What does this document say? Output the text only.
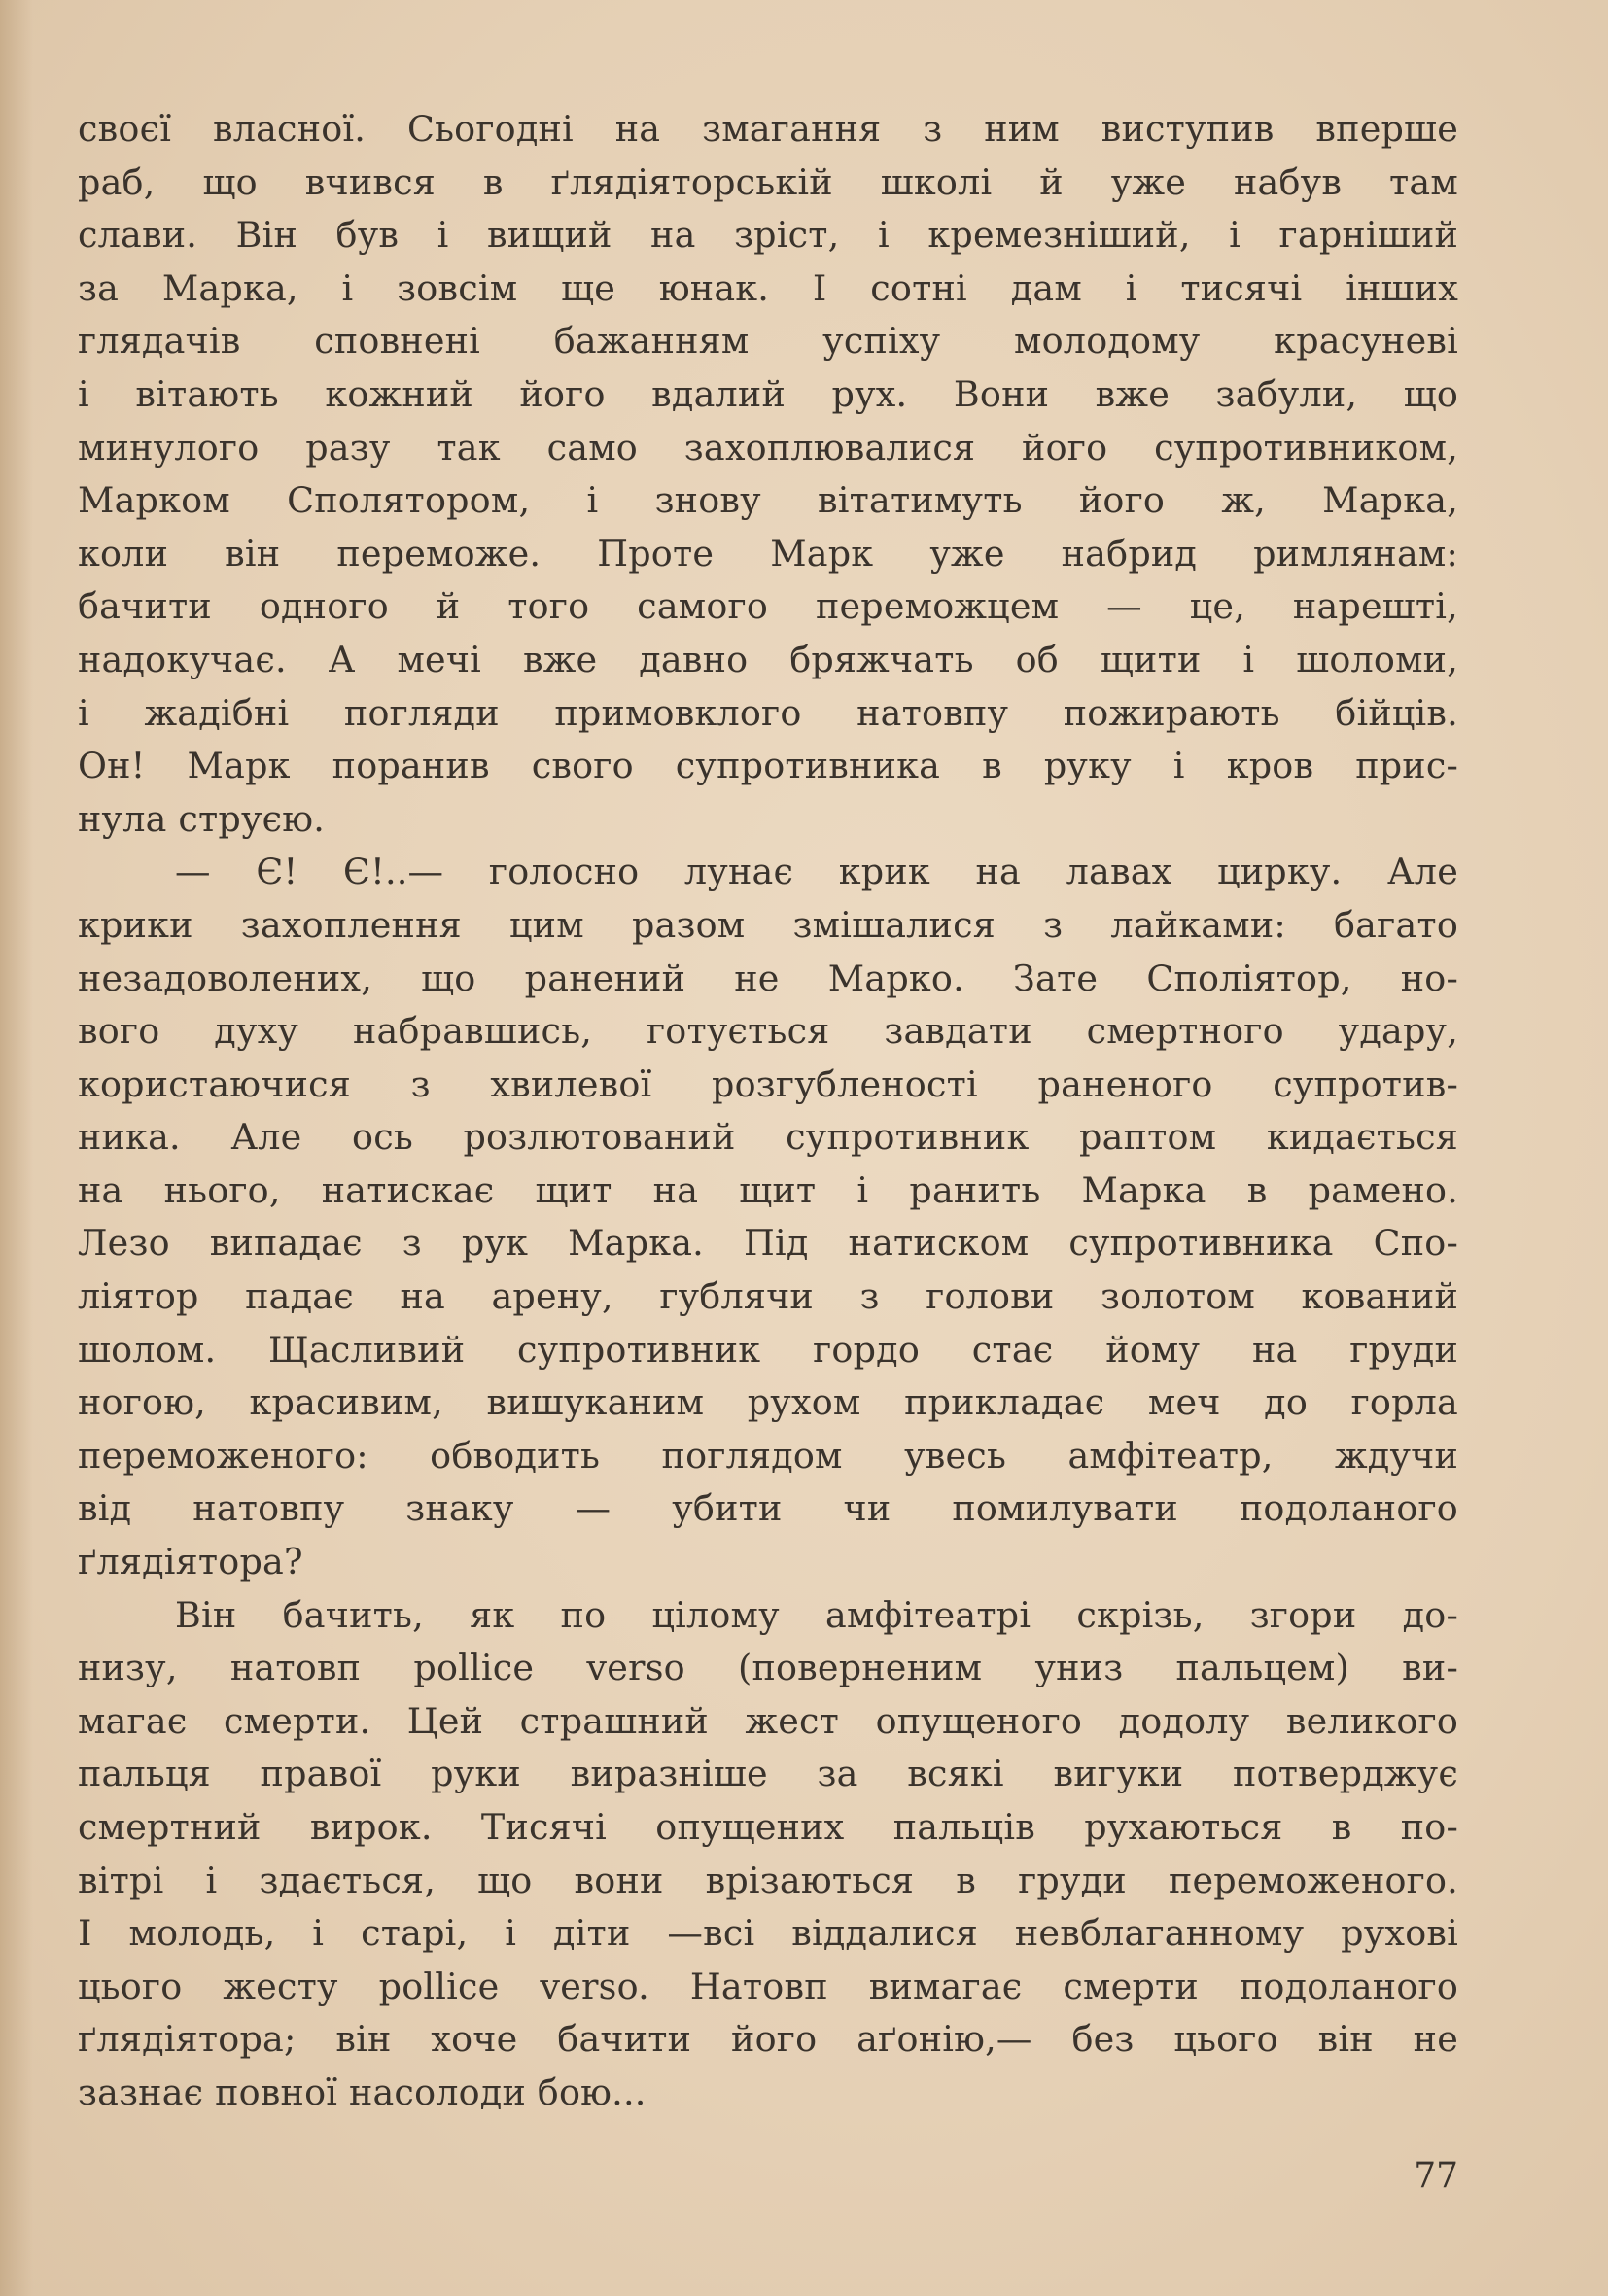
своєї власної. Сьогодні на змагання з ним виступив вперше
раб, що вчився в ґлядіяторській школі й уже набув там
слави. Він був і вищий на зріст, і кремезніший, і гарніший
за Марка, і зовсім ще юнак. І сотні дам і тисячі інших
глядачів сповнені бажанням успіху молодому красуневі
і вітають кожний його вдалий рух. Вони вже забули, що
минулого разу так само захоплювалися його супротивником,
Марком Сполятором, і знову вітатимуть його ж, Марка,
коли він переможе. Проте Марк уже набрид римлянам:
бачити одного й того самого переможцем — це, нарешті,
надокучає. А мечі вже давно бряжчать об щити і шоломи,
і жадібні погляди примовклого натовпу пожирають бійців.
Он! Марк поранив свого супротивника в руку і кров прис-
нула струєю.

— Є! Є!..— голосно лунає крик на лавах цирку. Але
крики захоплення цим разом змішалися з лайками: багато
незадоволених, що ранений не Марко. Зате Споліятор, но-
вого духу набравшись, готується завдати смертного удару,
користаючися з хвилевої розгубленості раненого супротив-
ника. Але ось розлютований супротивник раптом кидається
на нього, натискає щит на щит і ранить Марка в рамено.
Лезо випадає з рук Марка. Під натиском супротивника Спо-
ліятор падає на арену, гублячи з голови золотом кований
шолом. Щасливий супротивник гордо стає йому на груди
ногою, красивим, вишуканим рухом прикладає меч до горла
переможеного: обводить поглядом увесь амфітеатр, ждучи
від натовпу знаку — убити чи помилувати подоланого
ґлядіятора?

Він бачить, як по цілому амфітеатрі скрізь, згори до-
низу, натовп pollice verso (поверненим униз пальцем) ви-
магає смерти. Цей страшний жест опущеного додолу великого
пальця правої руки виразніше за всякі вигуки потверджує
смертний вирок. Тисячі опущених пальців рухаються в по-
вітрі і здається, що вони врізаються в груди переможеного.
І молодь, і старі, і діти —всі віддалися невблаганному рухові
цього жесту pollice verso. Натовп вимагає смерти подоланого
ґлядіятора; він хоче бачити його аґонію,— без цього він не
зазнає повної насолоди бою...

77
